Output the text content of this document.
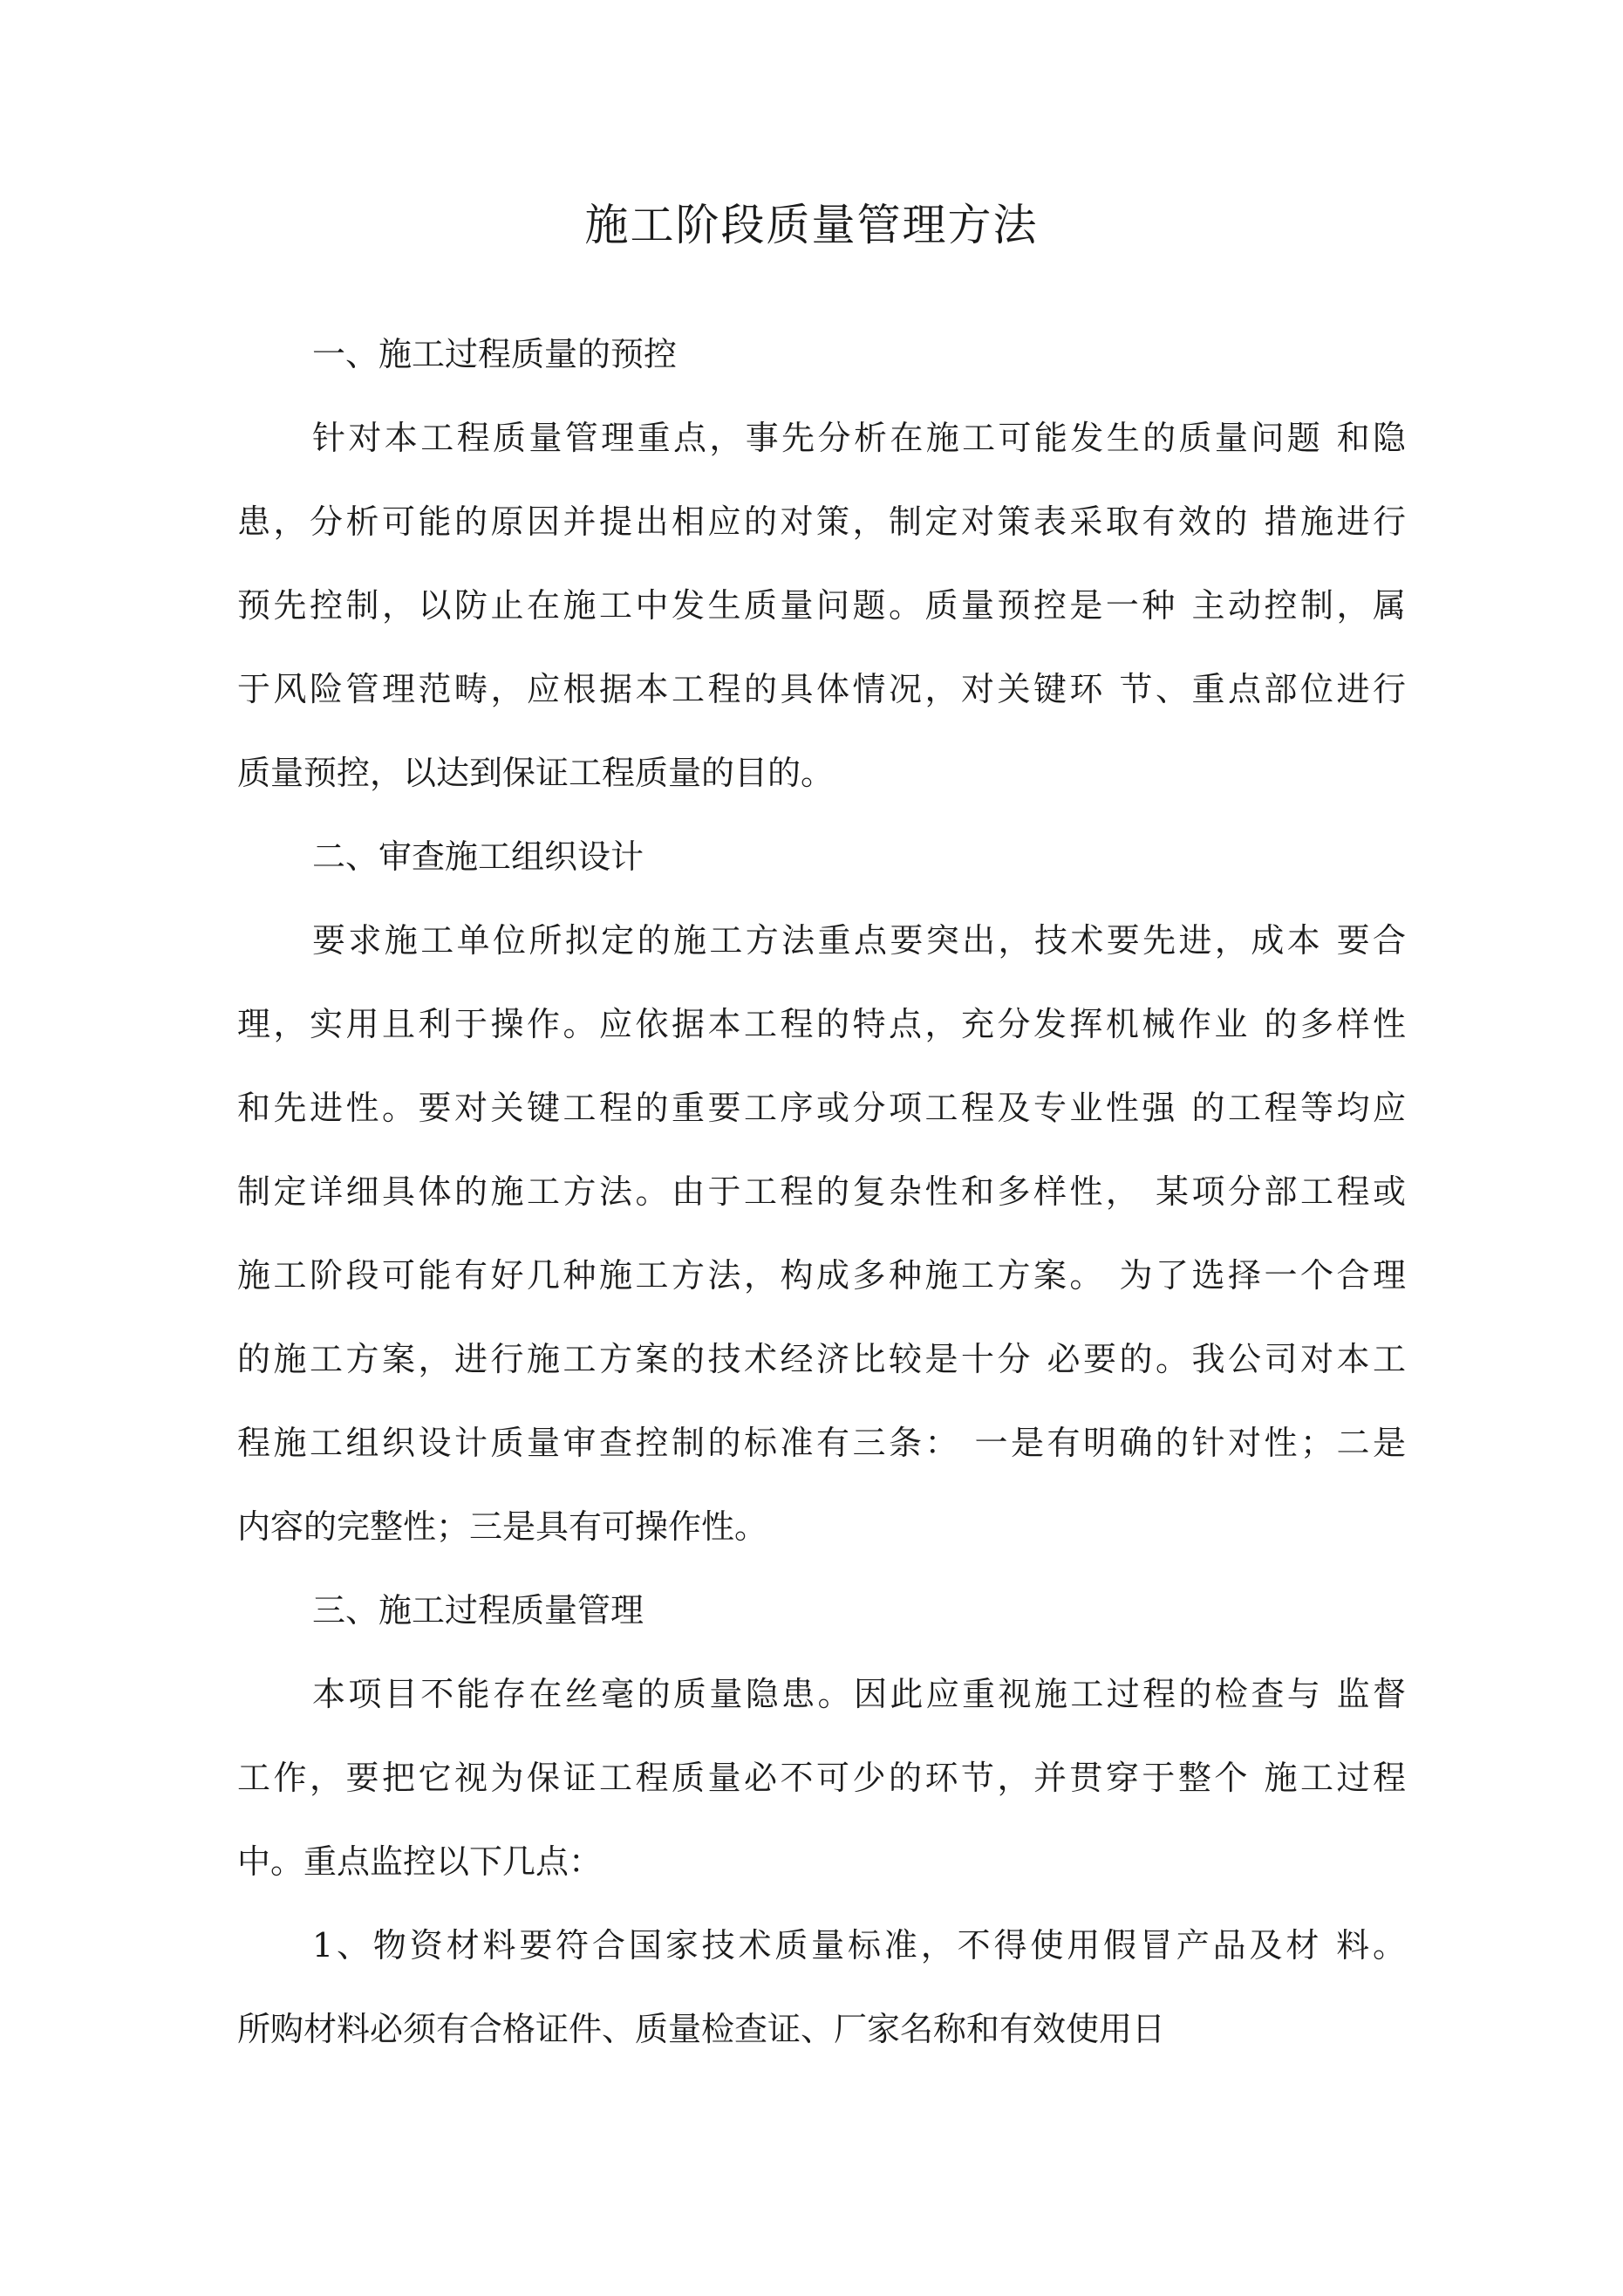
施工阶段质量管理方法
一、施工过程质量的预控
针对本工程质量管理重点，事先分析在施工可能发生的质量问题 和隐
患，分析可能的原因并提出相应的对策，制定对策表采取有效的 措施进行
预先控制，以防止在施工中发生质量问题。质量预控是一种 主动控制，属
于风险管理范畴，应根据本工程的具体情况，对关键环 节、重点部位进行
质量预控，以达到保证工程质量的目的。
二、审查施工组织设计
要求施工单位所拟定的施工方法重点要突出，技术要先进，成本 要合
理，实用且利于操作。应依据本工程的特点，充分发挥机械作业 的多样性
和先进性。要对关键工程的重要工序或分项工程及专业性强 的工程等均应
制定详细具体的施工方法。由于工程的复杂性和多样性， 某项分部工程或
施工阶段可能有好几种施工方法，构成多种施工方案。 为了选择一个合理
的施工方案，进行施工方案的技术经济比较是十分 必要的。我公司对本工
程施工组织设计质量审查控制的标准有三条： 一是有明确的针对性；二是
内容的完整性；三是具有可操作性。
三、施工过程质量管理
本项目不能存在丝毫的质量隐患。因此应重视施工过程的检查与 监督
工作，要把它视为保证工程质量必不可少的环节，并贯穿于整个 施工过程
中。重点监控以下几点：
1、物资材料要符合国家技术质量标准，不得使用假冒产品及材 料。
所购材料必须有合格证件、质量检查证、厂家名称和有效使用日
